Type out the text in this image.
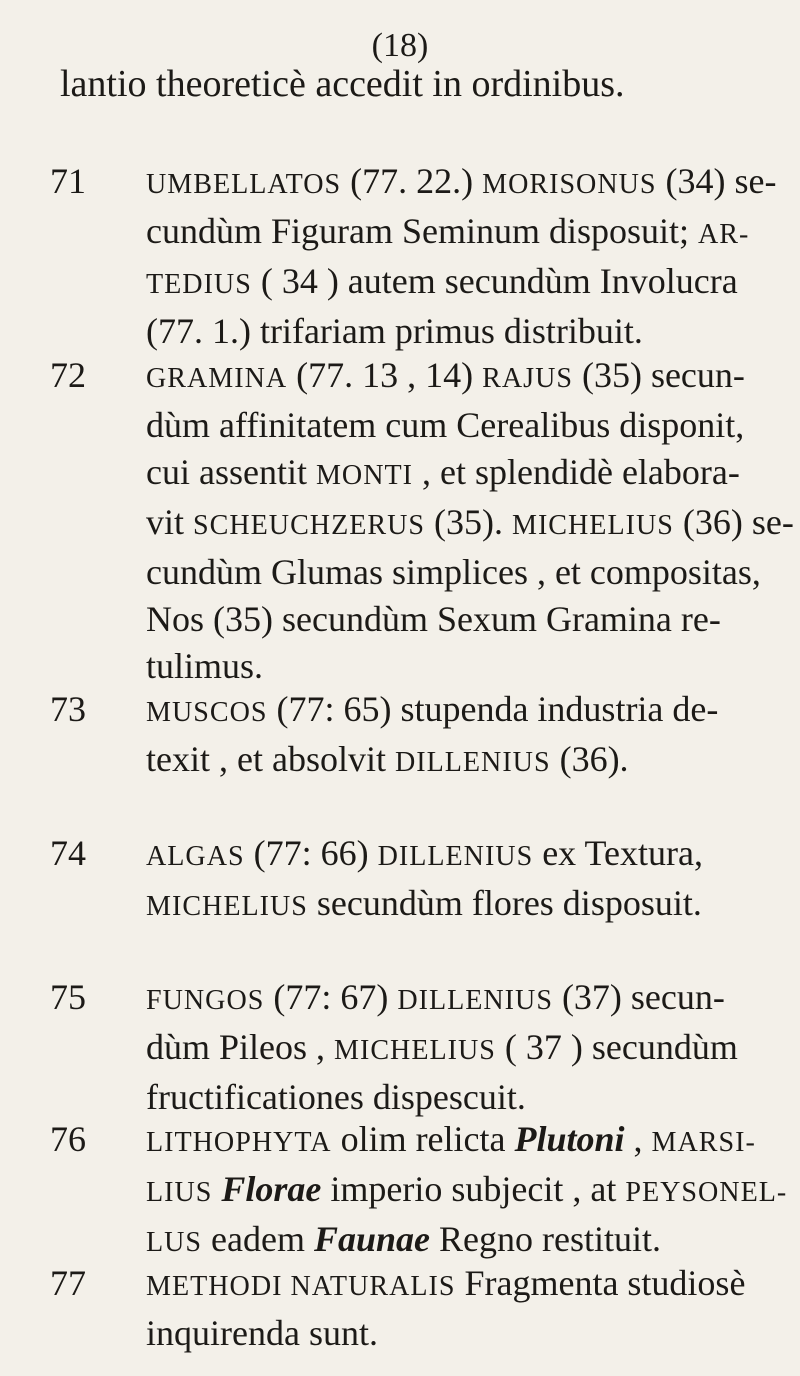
(18)
lantio theoreticè accedit in ordinibus.
71 UMBELLATOS (77. 22.) MORISONUS (34) se-
cundùm Figuram Seminum disposuit; AR-
TEDIUS ( 34 ) autem secundùm Involucra
(77. 1.) trifariam primus distribuit.
72 GRAMINA (77. 13 , 14) RAJUS (35) secun-
dùm affinitatem cum Cerealibus disponit,
cui assentit MONTI , et splendidè elabora-
vit SCHEUCHZERUS (35). MICHELIUS (36) se-
cundùm Glumas simplices , et compositas,
Nos (35) secundùm Sexum Gramina re-
tulimus.
73 MUSCOS (77: 65) stupenda industria de-
texit , et absolvit DILLENIUS (36).
74 ALGAS (77: 66) DILLENIUS ex Textura,
MICHELIUS secundùm flores disposuit.
75 FUNGOS (77: 67) DILLENIUS (37) secun-
dùm Pileos , MICHELIUS ( 37 ) secundùm
fructificationes dispescuit.
76 LITHOPHYTA olim relicta Plutoni , MARSI-
LIUS Florae imperio subjecit , at PEYSONEL-
LUS eadem Faunae Regno restituit.
77 METHODI NATURALIS Fragmenta studiosè
inquirenda sunt.
